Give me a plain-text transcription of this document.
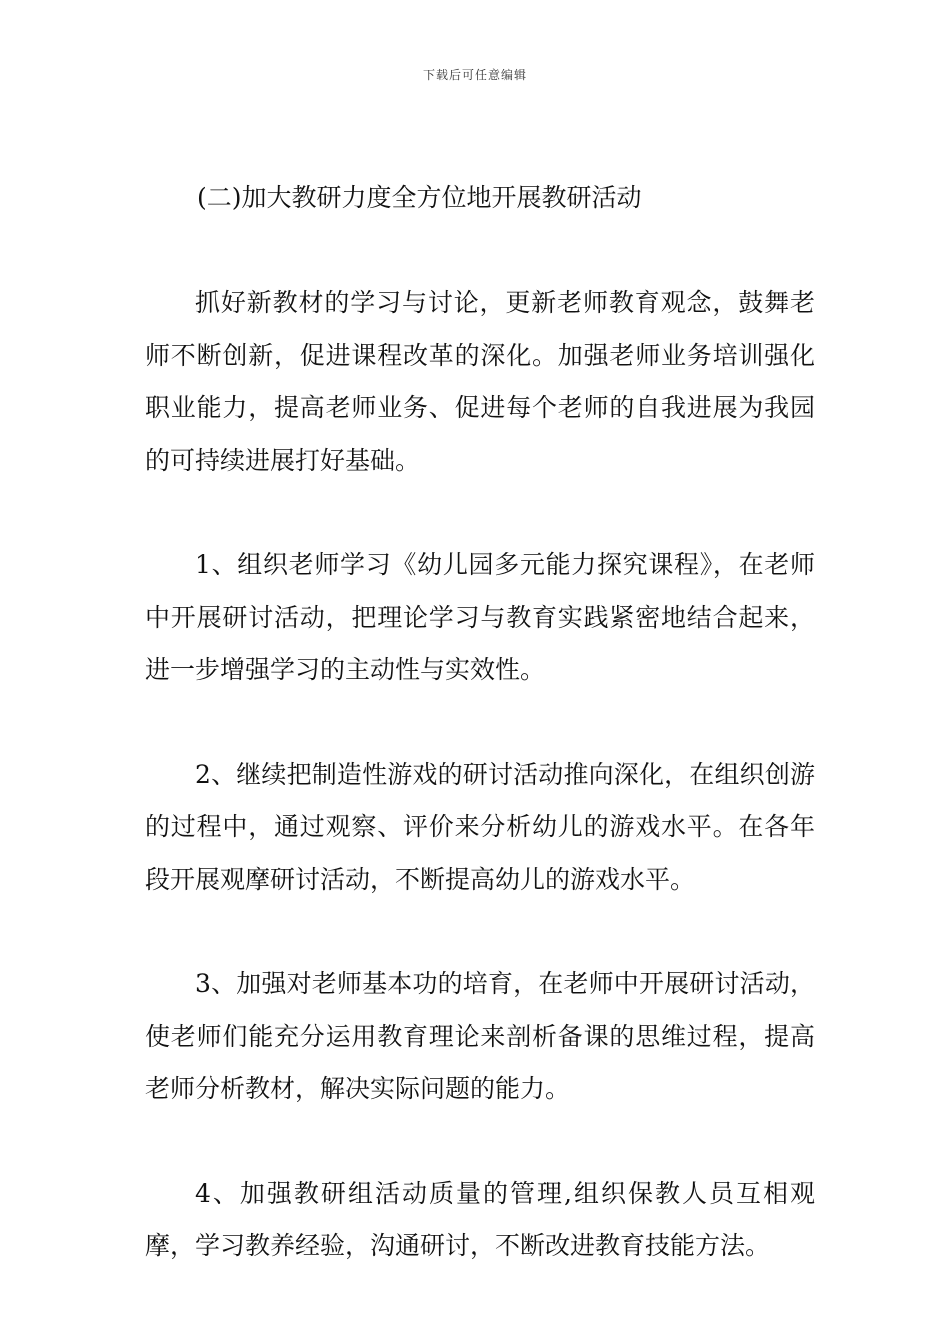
下载后可任意编辑
(二)加大教研力度全方位地开展教研活动

抓好新教材的学习与讨论，更新老师教育观念，鼓舞老师不断创新，促进课程改革的深化。加强老师业务培训强化职业能力，提高老师业务、促进每个老师的自我进展为我园的可持续进展打好基础。

1、组织老师学习《幼儿园多元能力探究课程》，在老师中开展研讨活动，把理论学习与教育实践紧密地结合起来，进一步增强学习的主动性与实效性。

2、继续把制造性游戏的研讨活动推向深化，在组织创游的过程中，通过观察、评价来分析幼儿的游戏水平。在各年段开展观摩研讨活动，不断提高幼儿的游戏水平。

3、加强对老师基本功的培育，在老师中开展研讨活动，使老师们能充分运用教育理论来剖析备课的思维过程，提高老师分析教材，解决实际问题的能力。

4、加强教研组活动质量的管理,组织保教人员互相观摩，学习教养经验，沟通研讨，不断改进教育技能方法。
